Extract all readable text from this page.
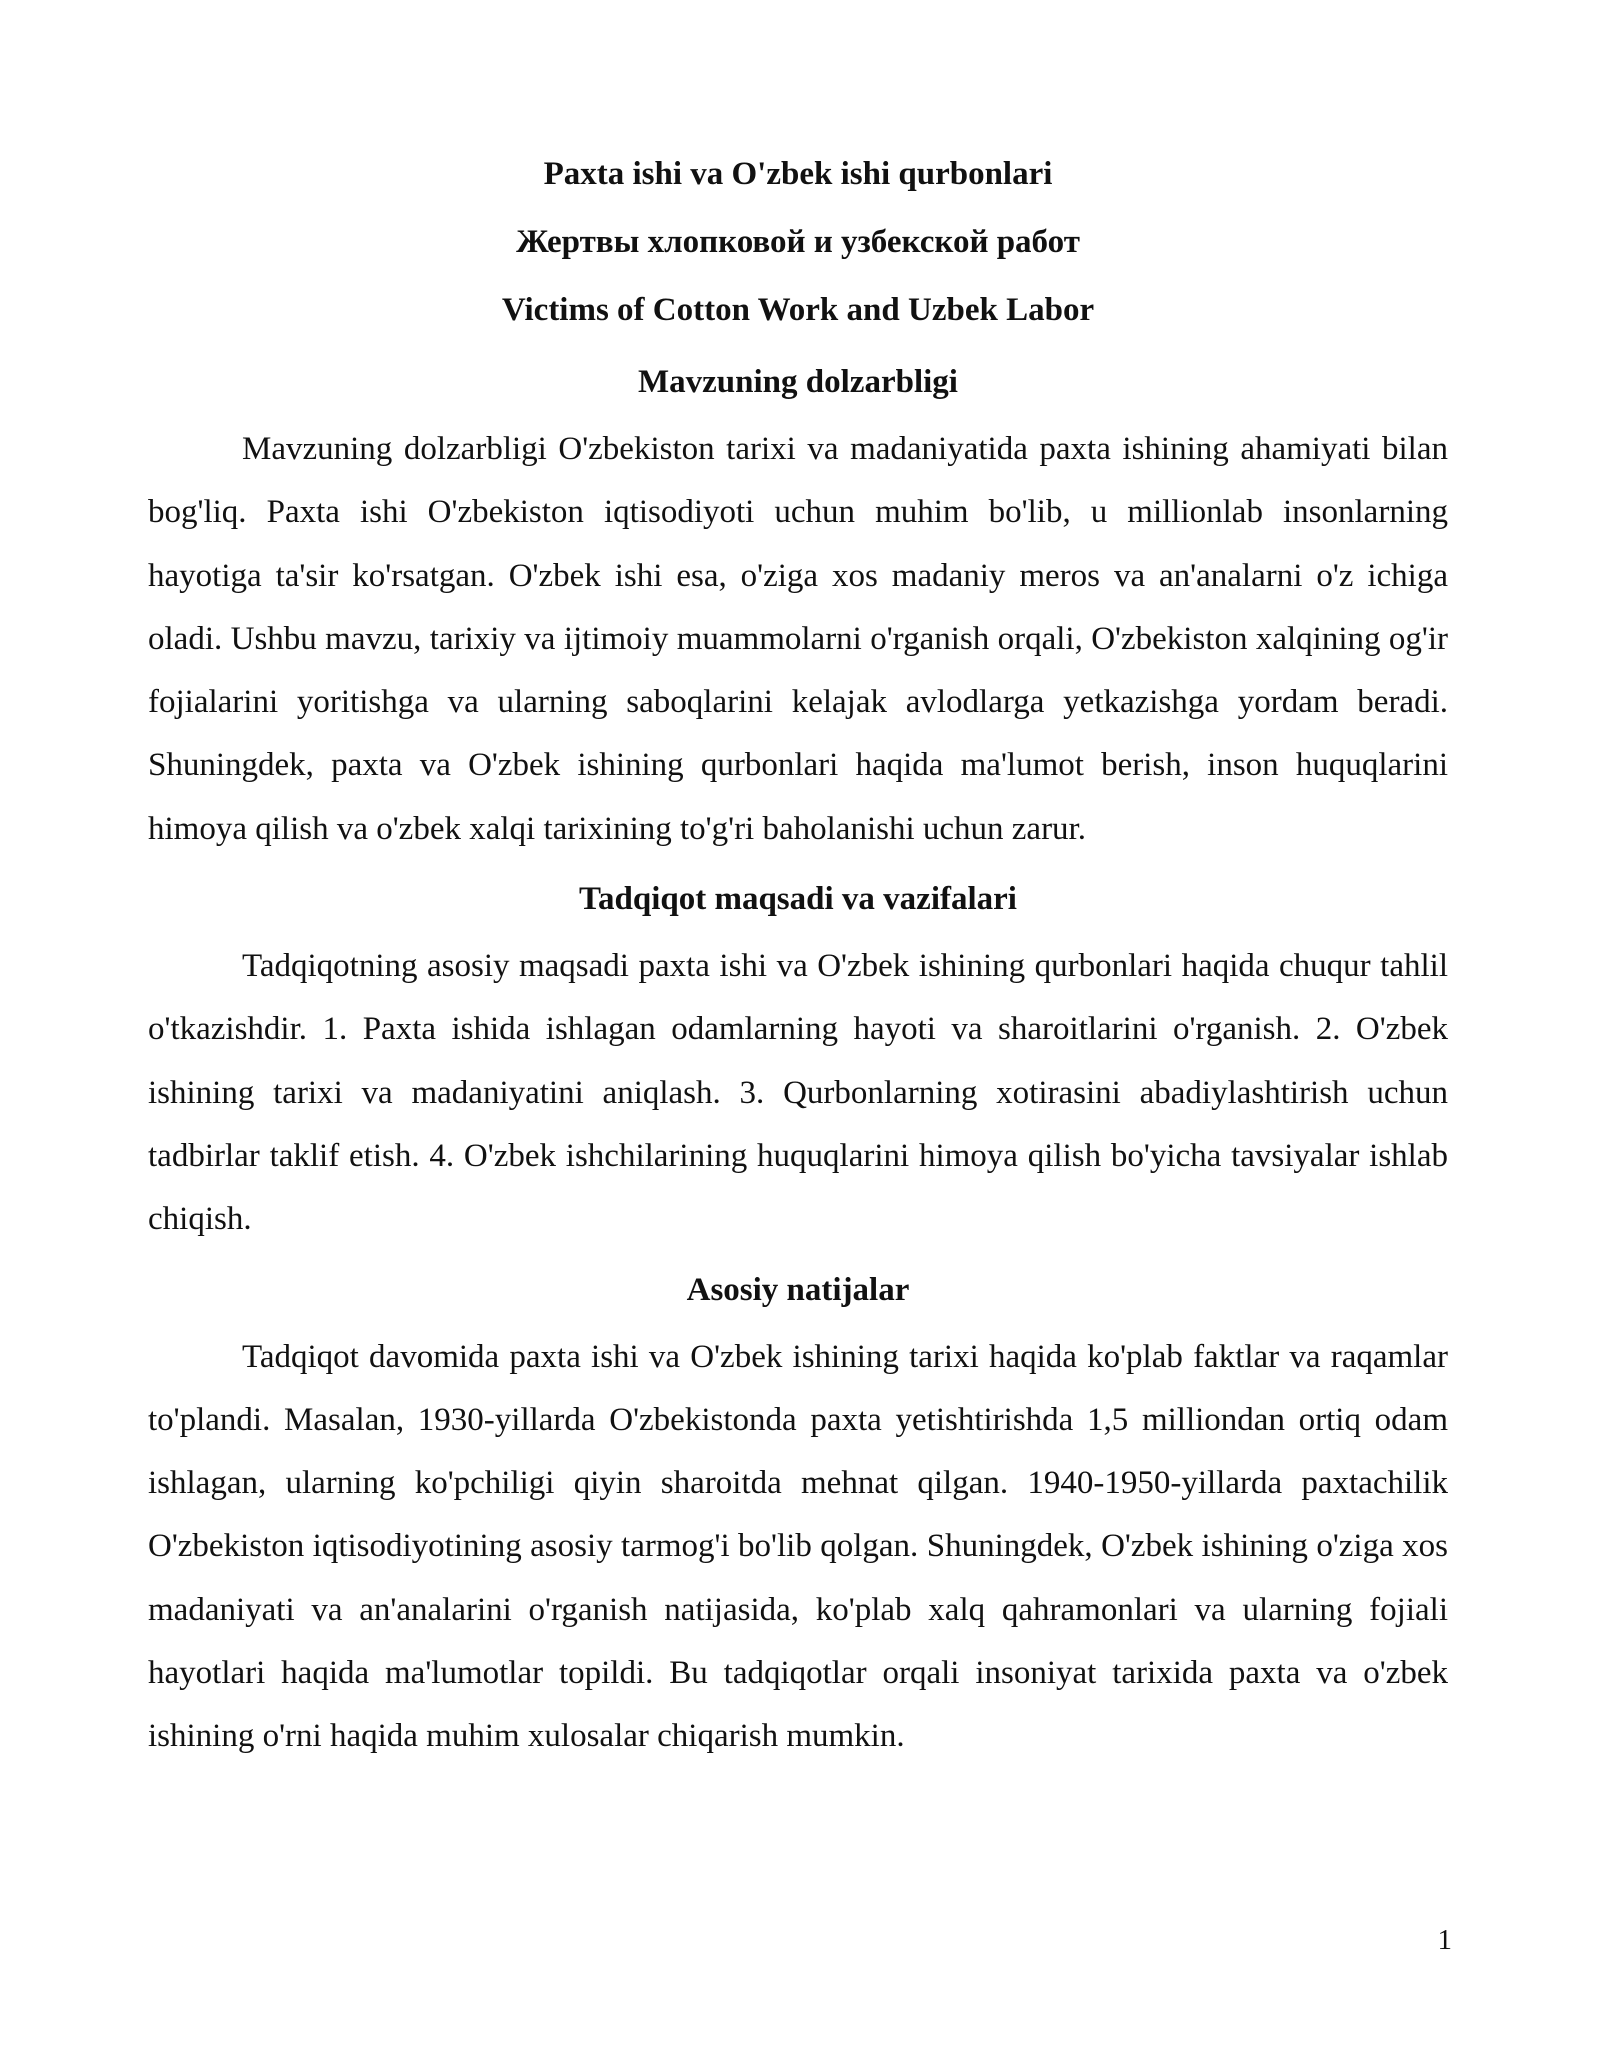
Paxta ishi va O'zbek ishi qurbonlari

Жертвы хлопковой и узбекской работ

Victims of Cotton Work and Uzbek Labor

Mavzuning dolzarbligi

Mavzuning dolzarbligi O'zbekiston tarixi va madaniyatida paxta ishining ahamiyati bilan bog'liq. Paxta ishi O'zbekiston iqtisodiyoti uchun muhim bo'lib, u millionlab insonlarning hayotiga ta'sir ko'rsatgan. O'zbek ishi esa, o'ziga xos madaniy meros va an'analarni o'z ichiga oladi. Ushbu mavzu, tarixiy va ijtimoiy muammolarni o'rganish orqali, O'zbekiston xalqining og'ir fojialarini yoritishga va ularning saboqlarini kelajak avlodlarga yetkazishga yordam beradi. Shuningdek, paxta va O'zbek ishining qurbonlari haqida ma'lumot berish, inson huquqlarini himoya qilish va o'zbek xalqi tarixining to'g'ri baholanishi uchun zarur.

Tadqiqot maqsadi va vazifalari

Tadqiqotning asosiy maqsadi paxta ishi va O'zbek ishining qurbonlari haqida chuqur tahlil o'tkazishdir. 1. Paxta ishida ishlagan odamlarning hayoti va sharoitlarini o'rganish. 2. O'zbek ishining tarixi va madaniyatini aniqlash. 3. Qurbonlarning xotirasini abadiylashtirish uchun tadbirlar taklif etish. 4. O'zbek ishchilarining huquqlarini himoya qilish bo'yicha tavsiyalar ishlab chiqish.

Asosiy natijalar

Tadqiqot davomida paxta ishi va O'zbek ishining tarixi haqida ko'plab faktlar va raqamlar to'plandi. Masalan, 1930-yillarda O'zbekistonda paxta yetishtirishda 1,5 milliondan ortiq odam ishlagan, ularning ko'pchiligi qiyin sharoitda mehnat qilgan. 1940-1950-yillarda paxtachilik O'zbekiston iqtisodiyotining asosiy tarmog'i bo'lib qolgan. Shuningdek, O'zbek ishining o'ziga xos madaniyati va an'analarini o'rganish natijasida, ko'plab xalq qahramonlari va ularning fojiali hayotlari haqida ma'lumotlar topildi. Bu tadqiqotlar orqali insoniyat tarixida paxta va o'zbek ishining o'rni haqida muhim xulosalar chiqarish mumkin.

1
